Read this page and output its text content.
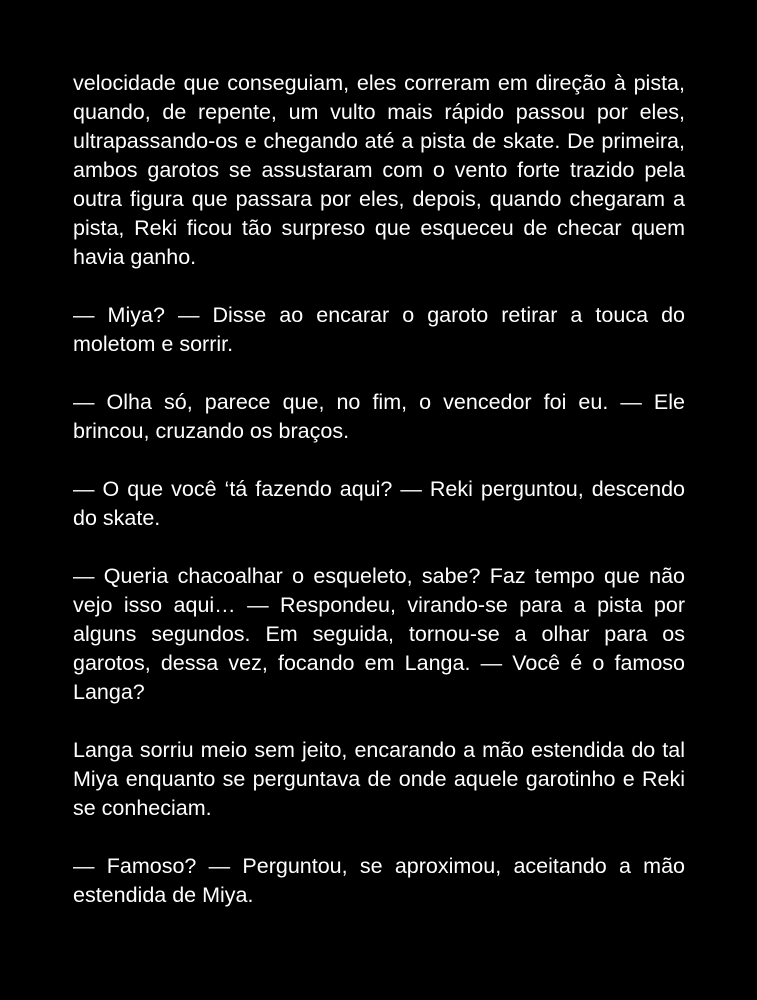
velocidade que conseguiam, eles correram em direção à pista, quando, de repente, um vulto mais rápido passou por eles, ultrapassando-os e chegando até a pista de skate. De primeira, ambos garotos se assustaram com o vento forte trazido pela outra figura que passara por eles, depois, quando chegaram a pista, Reki ficou tão surpreso que esqueceu de checar quem havia ganho.

— Miya? — Disse ao encarar o garoto retirar a touca do moletom e sorrir.

— Olha só, parece que, no fim, o vencedor foi eu. — Ele brincou, cruzando os braços.

— O que você ‘tá fazendo aqui? — Reki perguntou, descendo do skate.

— Queria chacoalhar o esqueleto, sabe? Faz tempo que não vejo isso aqui… — Respondeu, virando-se para a pista por alguns segundos. Em seguida, tornou-se a olhar para os garotos, dessa vez, focando em Langa. — Você é o famoso Langa?

Langa sorriu meio sem jeito, encarando a mão estendida do tal Miya enquanto se perguntava de onde aquele garotinho e Reki se conheciam.

— Famoso? — Perguntou, se aproximou, aceitando a mão estendida de Miya.
